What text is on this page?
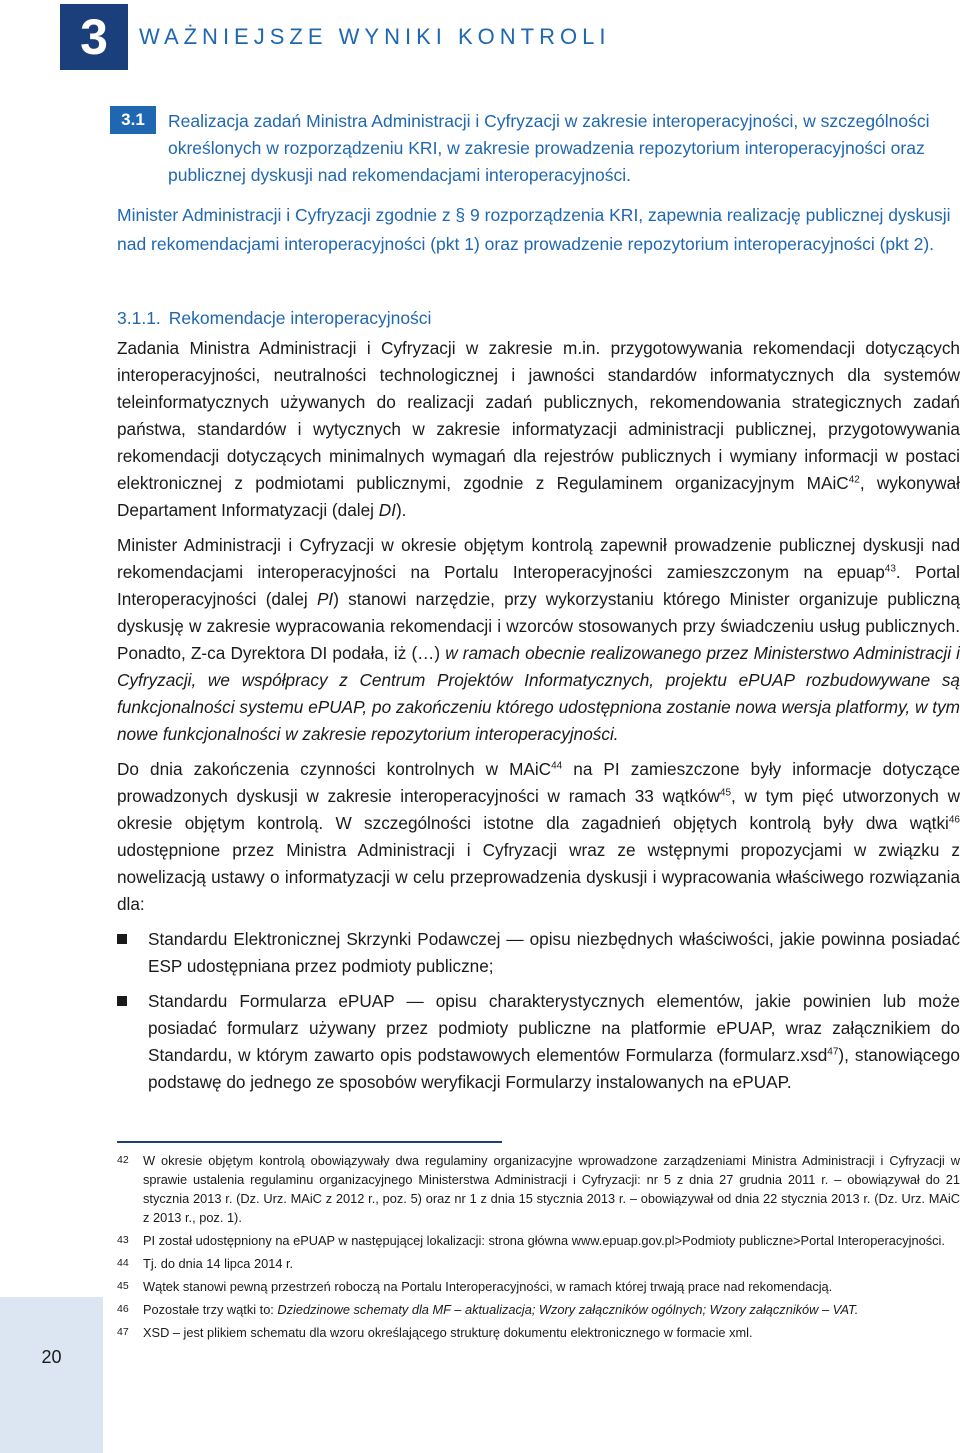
3	WAŻNIEJSZE WYNIKI KONTROLI
3.1	Realizacja zadań Ministra Administracji i Cyfryzacji w zakresie interoperacyjności, w szczególności określonych w rozporządzeniu KRI, w zakresie prowadzenia repozytorium interoperacyjności oraz publicznej dyskusji nad rekomendacjami interoperacyjności.
Minister Administracji i Cyfryzacji zgodnie z § 9 rozporządzenia KRI, zapewnia realizację publicznej dyskusji nad rekomendacjami interoperacyjności (pkt 1) oraz prowadzenie repozytorium interoperacyjności (pkt 2).
3.1.1. Rekomendacje interoperacyjności

Zadania Ministra Administracji i Cyfryzacji w zakresie m.in. przygotowywania rekomendacji dotyczących interoperacyjności, neutralności technologicznej i jawności standardów informatycznych dla systemów teleinformatycznych używanych do realizacji zadań publicznych, rekomendowania strategicznych zadań państwa, standardów i wytycznych w zakresie informatyzacji administracji publicznej, przygotowywania rekomendacji dotyczących minimalnych wymagań dla rejestrów publicznych i wymiany informacji w postaci elektronicznej z podmiotami publicznymi, zgodnie z Regulaminem organizacyjnym MAiC$^{42}$, wykonywał Departament Informatyzacji (dalej DI).

Minister Administracji i Cyfryzacji w okresie objętym kontrolą zapewnił prowadzenie publicznej dyskusji nad rekomendacjami interoperacyjności na Portalu Interoperacyjności zamieszczonym na epuap$^{43}$. Portal Interoperacyjności (dalej PI) stanowi narzędzie, przy wykorzystaniu którego Minister organizuje publiczną dyskusję w zakresie wypracowania rekomendacji i wzorców stosowanych przy świadczeniu usług publicznych. Ponadto, Z-ca Dyrektora DI podała, iż (…) w ramach obecnie realizowanego przez Ministerstwo Administracji i Cyfryzacji, we współpracy z Centrum Projektów Informatycznych, projektu ePUAP rozbudowywane są funkcjonalności systemu ePUAP, po zakończeniu którego udostępniona zostanie nowa wersja platformy, w tym nowe funkcjonalności w zakresie repozytorium interoperacyjności.

Do dnia zakończenia czynności kontrolnych w MAiC$^{44}$ na PI zamieszczone były informacje dotyczące prowadzonych dyskusji w zakresie interoperacyjności w ramach 33 wątków$^{45}$, w tym pięć utworzonych w okresie objętym kontrolą. W szczególności istotne dla zagadnień objętych kontrolą były dwa wątki$^{46}$ udostępnione przez Ministra Administracji i Cyfryzacji wraz ze wstępnymi propozycjami w związku z nowelizacją ustawy o informatyzacji w celu przeprowadzenia dyskusji i wypracowania właściwego rozwiązania dla:

Standardu Elektronicznej Skrzynki Podawczej — opisu niezbędnych właściwości, jakie powinna posiadać ESP udostępniana przez podmioty publiczne;
Standardu Formularza ePUAP — opisu charakterystycznych elementów, jakie powinien lub może posiadać formularz używany przez podmioty publiczne na platformie ePUAP, wraz załącznikiem do Standardu, w którym zawarto opis podstawowych elementów Formularza (formularz.xsd$^{47}$), stanowiącego podstawę do jednego ze sposobów weryfikacji Formularzy instalowanych na ePUAP.
42 W okresie objętym kontrolą obowiązywały dwa regulaminy organizacyjne wprowadzone zarządzeniami Ministra Administracji i Cyfryzacji w sprawie ustalenia regulaminu organizacyjnego Ministerstwa Administracji i Cyfryzacji: nr 5 z dnia 27 grudnia 2011 r. – obowiązywał do 21 stycznia 2013 r. (Dz. Urz. MAiC z 2012 r., poz. 5) oraz nr 1 z dnia 15 stycznia 2013 r. – obowiązywał od dnia 22 stycznia 2013 r. (Dz. Urz. MAiC z 2013 r., poz. 1).
43 PI został udostępniony na ePUAP w następującej lokalizacji: strona główna www.epuap.gov.pl>Podmioty publiczne>Portal Interoperacyjności.
44 Tj. do dnia 14 lipca 2014 r.
45 Wątek stanowi pewną przestrzeń roboczą na Portalu Interoperacyjności, w ramach której trwają prace nad rekomendacją.
46 Pozostałe trzy wątki to: Dziedzinowe schematy dla MF – aktualizacja; Wzory załączników ogólnych; Wzory załączników – VAT.
47 XSD – jest plikiem schematu dla wzoru określającego strukturę dokumentu elektronicznego w formacie xml.
20
